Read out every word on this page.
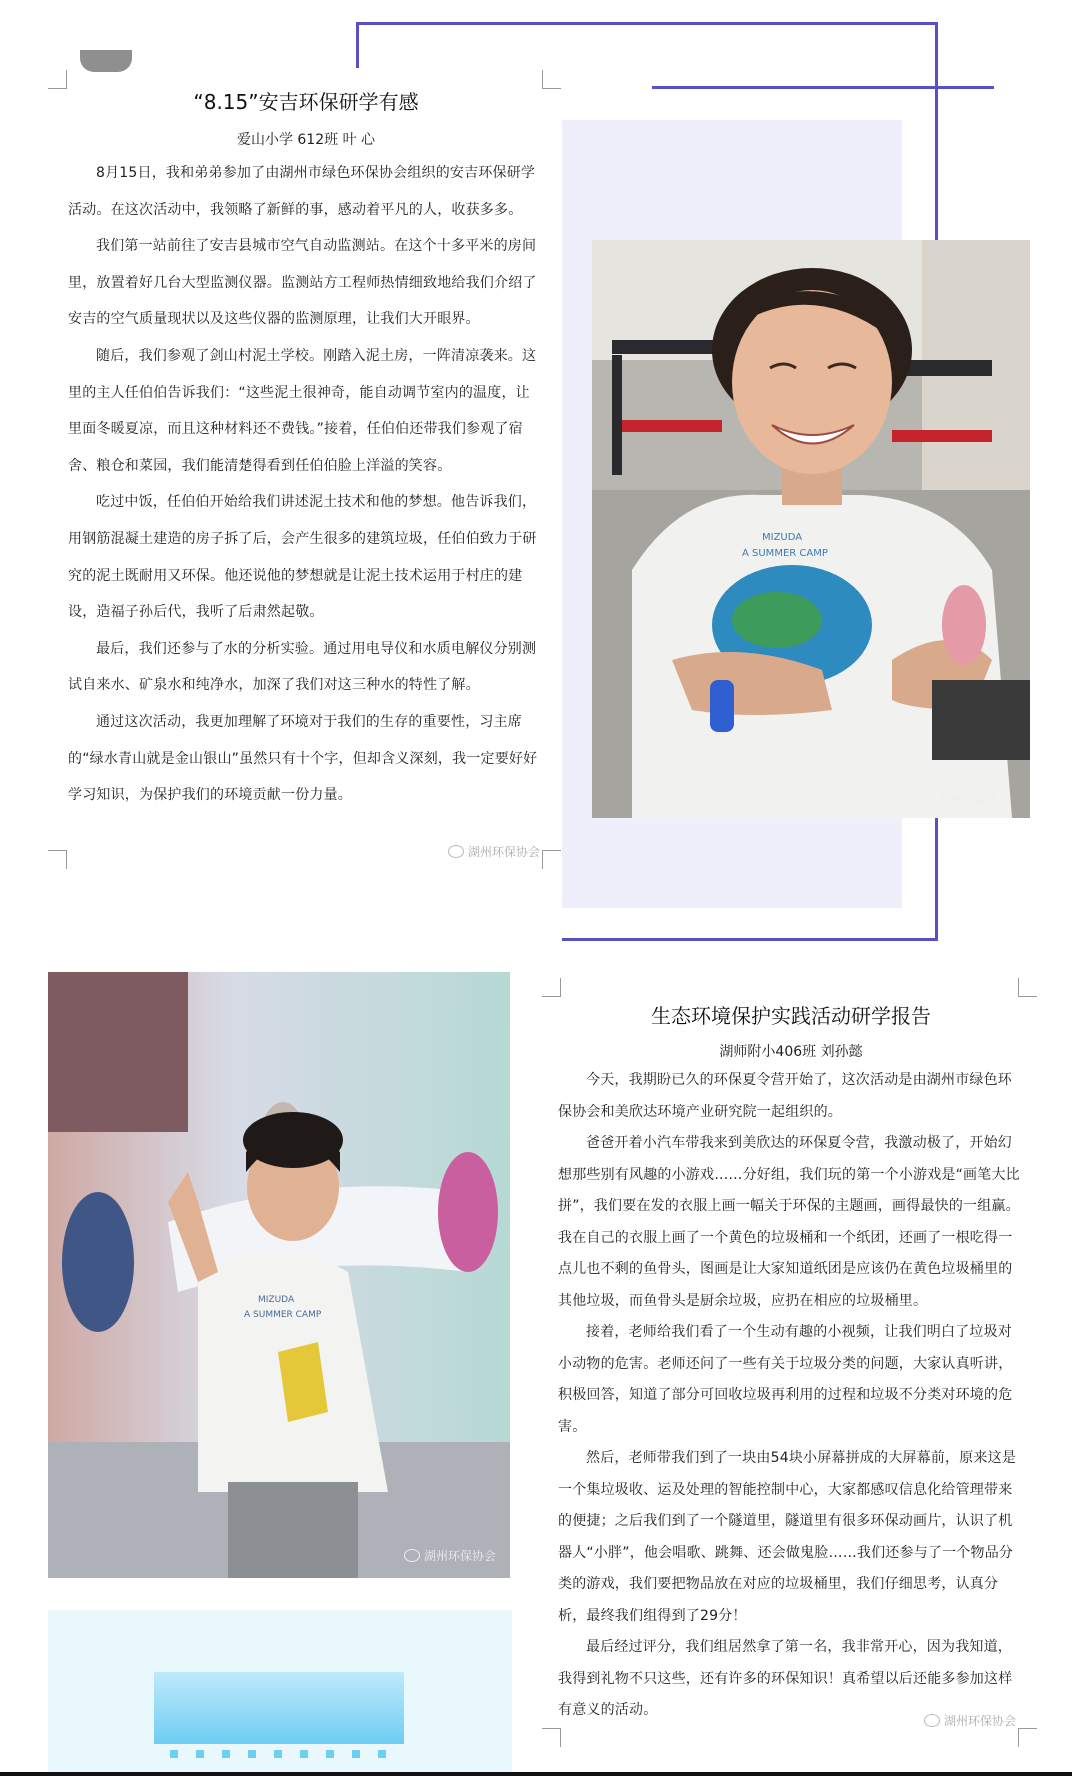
“8.15”安吉环保研学有感
爱山小学 612班 叶 心

8月15日，我和弟弟参加了由湖州市绿色环保协会组织的安吉环保研学活动。在这次活动中，我领略了新鲜的事，感动着平凡的人，收获多多。

我们第一站前往了安吉县城市空气自动监测站。在这个十多平米的房间里，放置着好几台大型监测仪器。监测站方工程师热情细致地给我们介绍了安吉的空气质量现状以及这些仪器的监测原理，让我们大开眼界。

随后，我们参观了剑山村泥土学校。刚踏入泥土房，一阵清凉袭来。这里的主人任伯伯告诉我们：“这些泥土很神奇，能自动调节室内的温度，让里面冬暖夏凉，而且这种材料还不费钱。”接着，任伯伯还带我们参观了宿舍、粮仓和菜园，我们能清楚得看到任伯伯脸上洋溢的笑容。

吃过中饭，任伯伯开始给我们讲述泥土技术和他的梦想。他告诉我们，用钢筋混凝土建造的房子拆了后，会产生很多的建筑垃圾，任伯伯致力于研究的泥土既耐用又环保。他还说他的梦想就是让泥土技术运用于村庄的建设，造福子孙后代，我听了后肃然起敬。

最后，我们还参与了水的分析实验。通过用电导仪和水质电解仪分别测试自来水、矿泉水和纯净水，加深了我们对这三种水的特性了解。

通过这次活动，我更加理解了环境对于我们的生存的重要性，习主席的“绿水青山就是金山银山”虽然只有十个字，但却含义深刻，我一定要好好学习知识，为保护我们的环境贡献一份力量。

湖州环保协会
MIZUDA
A SUMMER CAMP
湖州环保协会
MIZUDA
A SUMMER CAMP
湖州环保协会
生态环境保护实践活动研学报告
湖师附小406班 刘孙懿

今天，我期盼已久的环保夏令营开始了，这次活动是由湖州市绿色环保协会和美欣达环境产业研究院一起组织的。

爸爸开着小汽车带我来到美欣达的环保夏令营，我激动极了，开始幻想那些别有风趣的小游戏……分好组，我们玩的第一个小游戏是“画笔大比拼”，我们要在发的衣服上画一幅关于环保的主题画，画得最快的一组赢。我在自己的衣服上画了一个黄色的垃圾桶和一个纸团，还画了一根吃得一点儿也不剩的鱼骨头，图画是让大家知道纸团是应该仍在黄色垃圾桶里的其他垃圾，而鱼骨头是厨余垃圾，应扔在相应的垃圾桶里。

接着，老师给我们看了一个生动有趣的小视频，让我们明白了垃圾对小动物的危害。老师还问了一些有关于垃圾分类的问题，大家认真听讲，积极回答，知道了部分可回收垃圾再利用的过程和垃圾不分类对环境的危害。

然后，老师带我们到了一块由54块小屏幕拼成的大屏幕前，原来这是一个集垃圾收、运及处理的智能控制中心，大家都感叹信息化给管理带来的便捷；之后我们到了一个隧道里，隧道里有很多环保动画片，认识了机器人“小胖”，他会唱歌、跳舞、还会做鬼脸……我们还参与了一个物品分类的游戏，我们要把物品放在对应的垃圾桶里，我们仔细思考，认真分析，最终我们组得到了29分！

最后经过评分，我们组居然拿了第一名，我非常开心，因为我知道，我得到礼物不只这些，还有许多的环保知识！真希望以后还能多参加这样有意义的活动。

湖州环保协会
